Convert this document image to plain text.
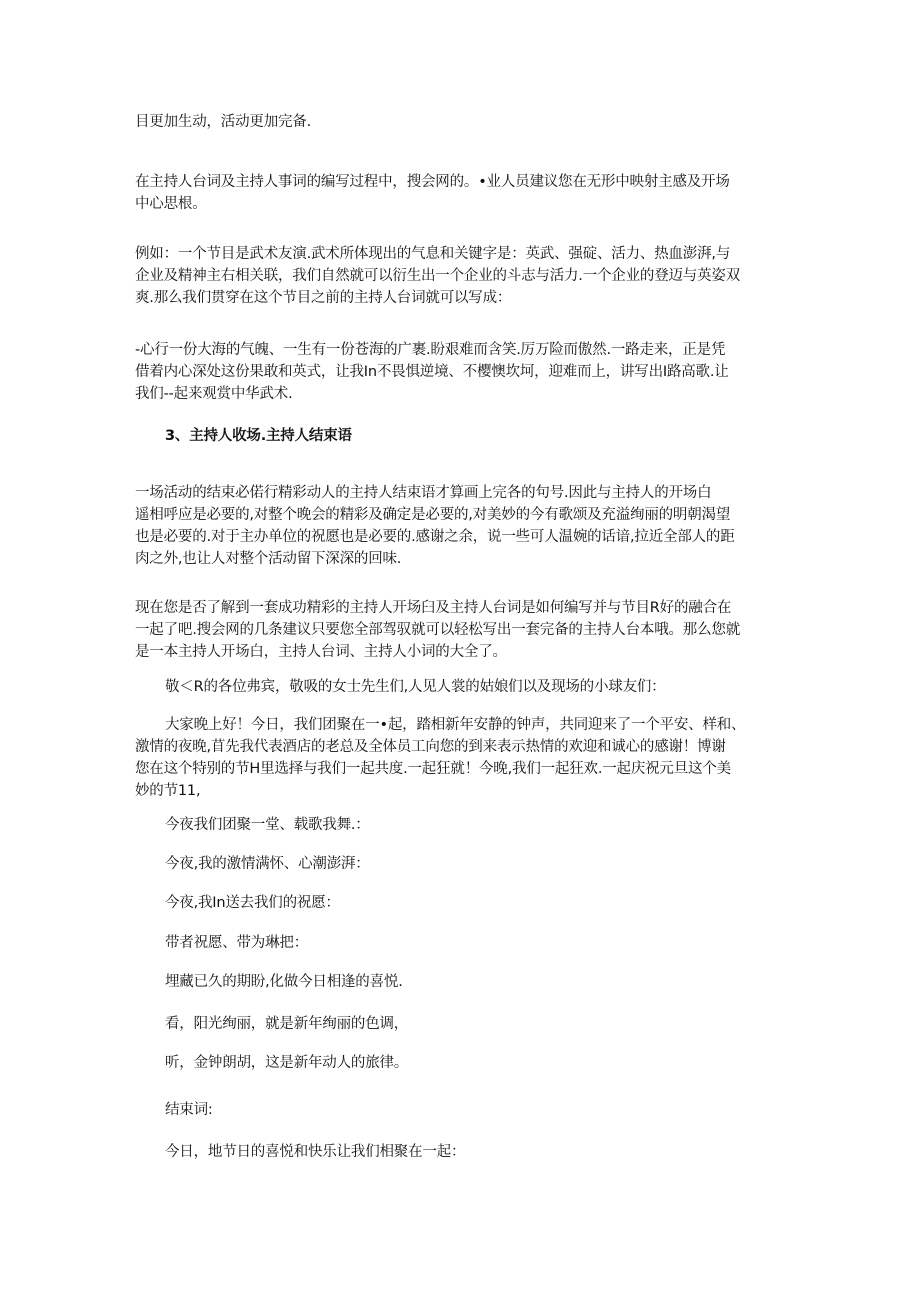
目更加生动，活动更加完备.

在主持人台词及主持人事词的编写过程中，搜会网的。•业人员建议您在无形中映射主感及开场
中心思根。
例如：一个节目是武术友演.武术所体现出的气息和关键字是：英武、强碇、活力、热血澎湃,与
企业及精神主右相关联，我们自然就可以衍生出一个企业的斗志与活力.一个企业的登迈与英姿双
爽.那么我们贯穿在这个节目之前的主持人台词就可以写成：
-心行一份大海的气魄、一生有一份苍海的广裹.盼艰难而含笑.厉万险而傲然.一路走来，正是凭
借着内心深处这份果敢和英式，让我In不畏惧逆境、不樱懊坎坷，迎难而上，讲写出I路高歌.让
我们--起来观赏中华武术.

3、主持人收场.主持人结束语

一场活动的结束必偌行精彩动人的主持人结束语才算画上完各的句号.因此与主持人的开场白
遥相呼应是必要的,对整个晚会的精彩及确定是必要的,对美妙的今有歌颂及充溢绚丽的明朝渴望
也是必要的.对于主办单位的祝愿也是必要的.感谢之余，说一些可人温婉的话谙,拉近全部人的距
肉之外,也让人对整个活动留下深深的回味.
现在您是否了解到一套成功精彩的主持人开场臼及主持人台词是如何编写并与节目R好的融合在
一起了吧.搜会网的几条建议只要您全部驾驭就可以轻松写出一套完备的主持人台本哦。那么您就
是一本主持人开场白，主持人台词、主持人小词的大全了。

敬＜R的各位弗宾，敬吸的女士先生们,人见人裳的姑娘们以及现场的小球友们：

大家晚上好！今日，我们团聚在一•起，踏相新年安静的钟声，共同迎来了一个平安、样和、
激情的夜晚,苜先我代表酒店的老总及全体员工向您的到来表示热情的欢迎和诚心的感谢！博谢
您在这个特别的节H里选择与我们一起共度.一起狂就！今晚,我们一起狂欢.一起庆祝元旦这个美
妙的节11,

今夜我们团聚一堂、载歌我舞.：

今夜,我的激情满怀、心潮澎湃：

今夜,我In送去我们的祝愿：

带者祝愿、带为琳把：

埋藏已久的期盼,化做今日相逢的喜悦.

看，阳光绚丽，就是新年绚丽的色调，

听，金钟朗胡，这是新年动人的旅律。

结束词:

今日，地节日的喜悦和快乐让我们相聚在一起：
